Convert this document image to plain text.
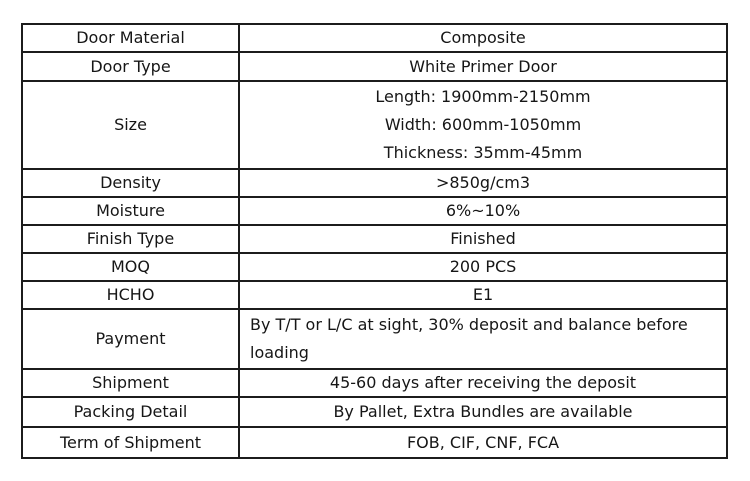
Door Material	Composite
Door Type	White Primer Door
Size	Length: 1900mm-2150mm
Width: 600mm-1050mm
Thickness: 35mm-45mm

Density	>850g/cm3
Moisture	6%~10%
Finish Type	Finished
MOQ	200 PCS
HCHO	E1
Payment	By T/T or L/C at sight, 30% deposit and balance before
loading

Shipment	45-60 days after receiving the deposit
Packing Detail	By Pallet, Extra Bundles are available
Term of Shipment	FOB, CIF, CNF, FCA
